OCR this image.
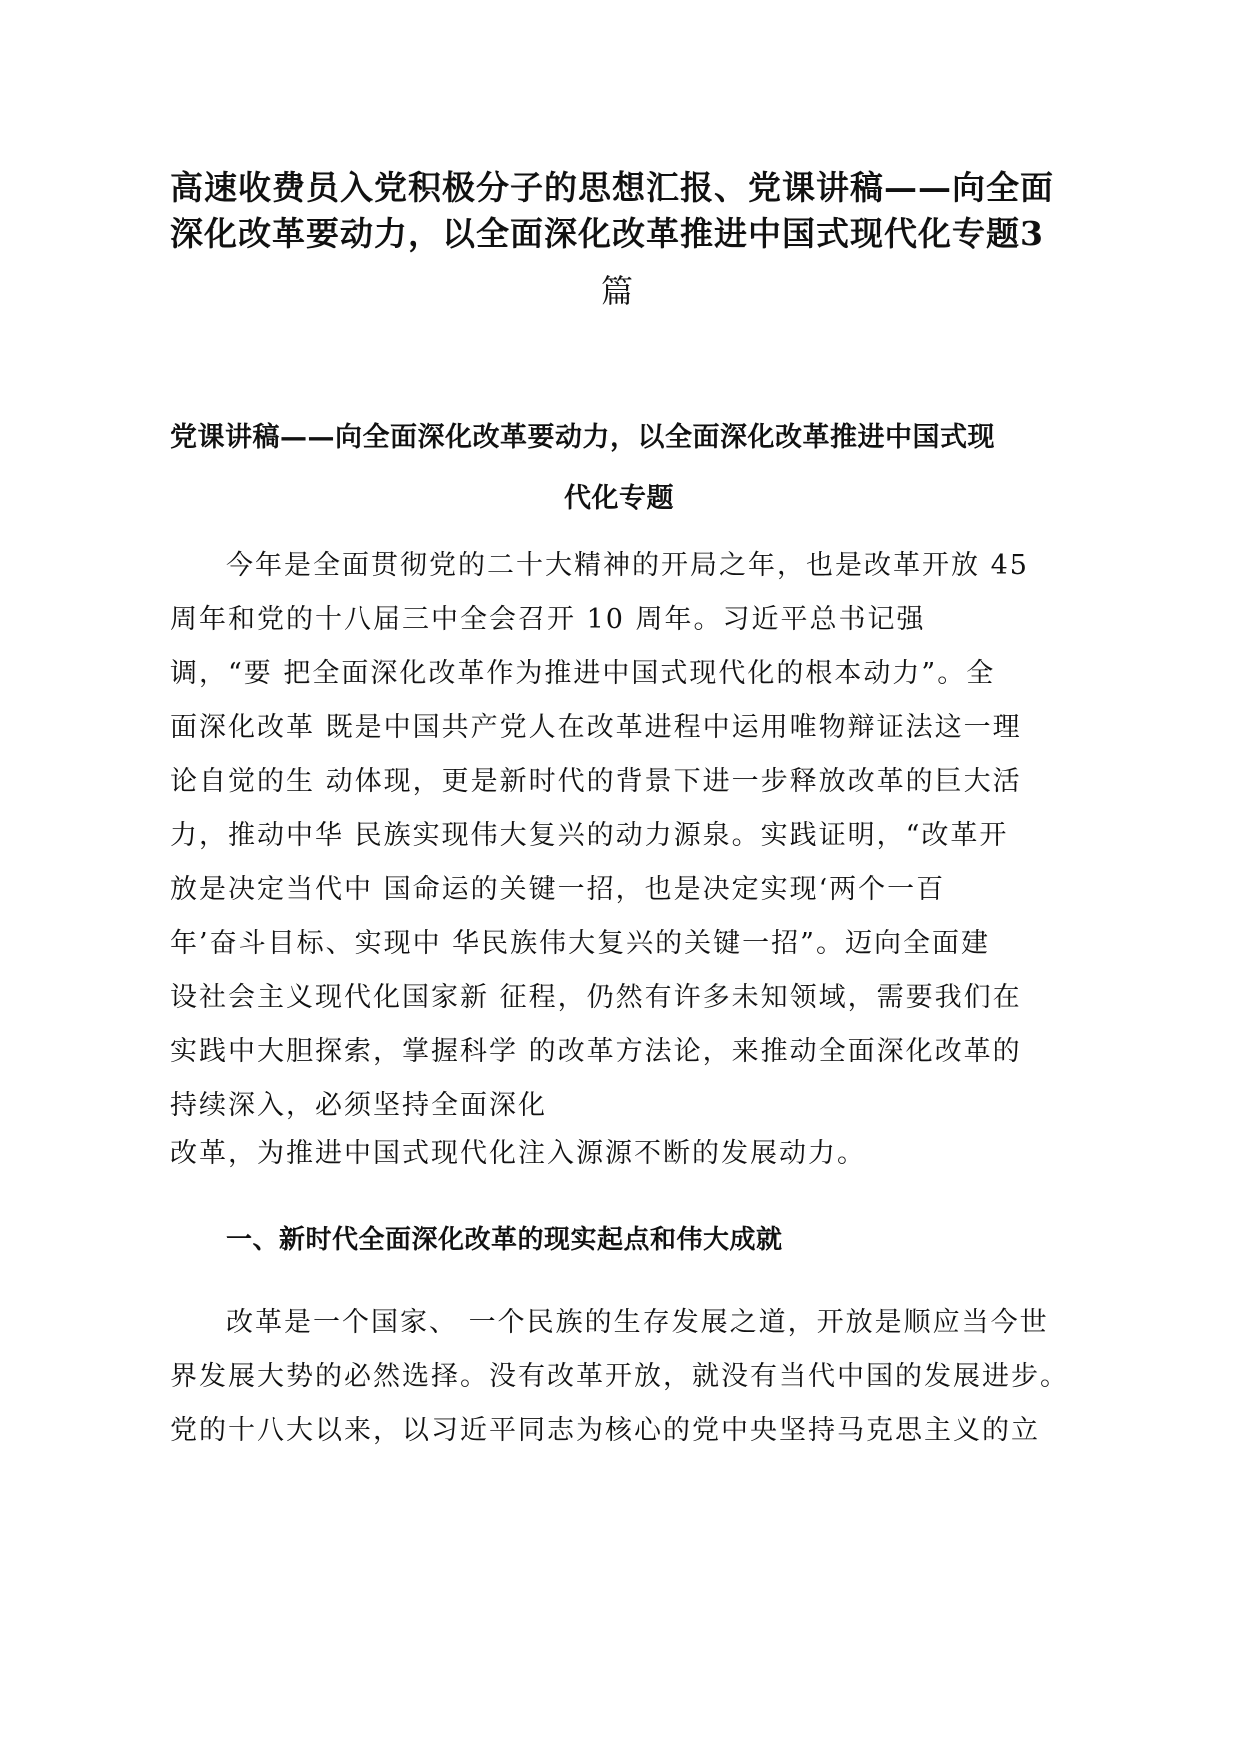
高速收费员入党积极分子的思想汇报、党课讲稿——向全面
深化改革要动力，以全面深化改革推进中国式现代化专题3
篇
党课讲稿——向全面深化改革要动力，以全面深化改革推进中国式现
代化专题
今年是全面贯彻党的二十大精神的开局之年，也是改革开放 45
周年和党的十八届三中全会召开 10 周年。习近平总书记强
调，“要 把全面深化改革作为推进中国式现代化的根本动力”。全
面深化改革 既是中国共产党人在改革进程中运用唯物辩证法这一理
论自觉的生 动体现，更是新时代的背景下进一步释放改革的巨大活
力，推动中华 民族实现伟大复兴的动力源泉。实践证明，“改革开
放是决定当代中 国命运的关键一招，也是决定实现‘两个一百
年’奋斗目标、实现中 华民族伟大复兴的关键一招”。迈向全面建
设社会主义现代化国家新 征程，仍然有许多未知领域，需要我们在
实践中大胆探索，掌握科学 的改革方法论，来推动全面深化改革的
持续深入，必须坚持全面深化
改革，为推进中国式现代化注入源源不断的发展动力。
一、新时代全面深化改革的现实起点和伟大成就
改革是一个国家、 一个民族的生存发展之道，开放是顺应当今世
界发展大势的必然选择。没有改革开放，就没有当代中国的发展进步。
党的十八大以来，以习近平同志为核心的党中央坚持马克思主义的立
